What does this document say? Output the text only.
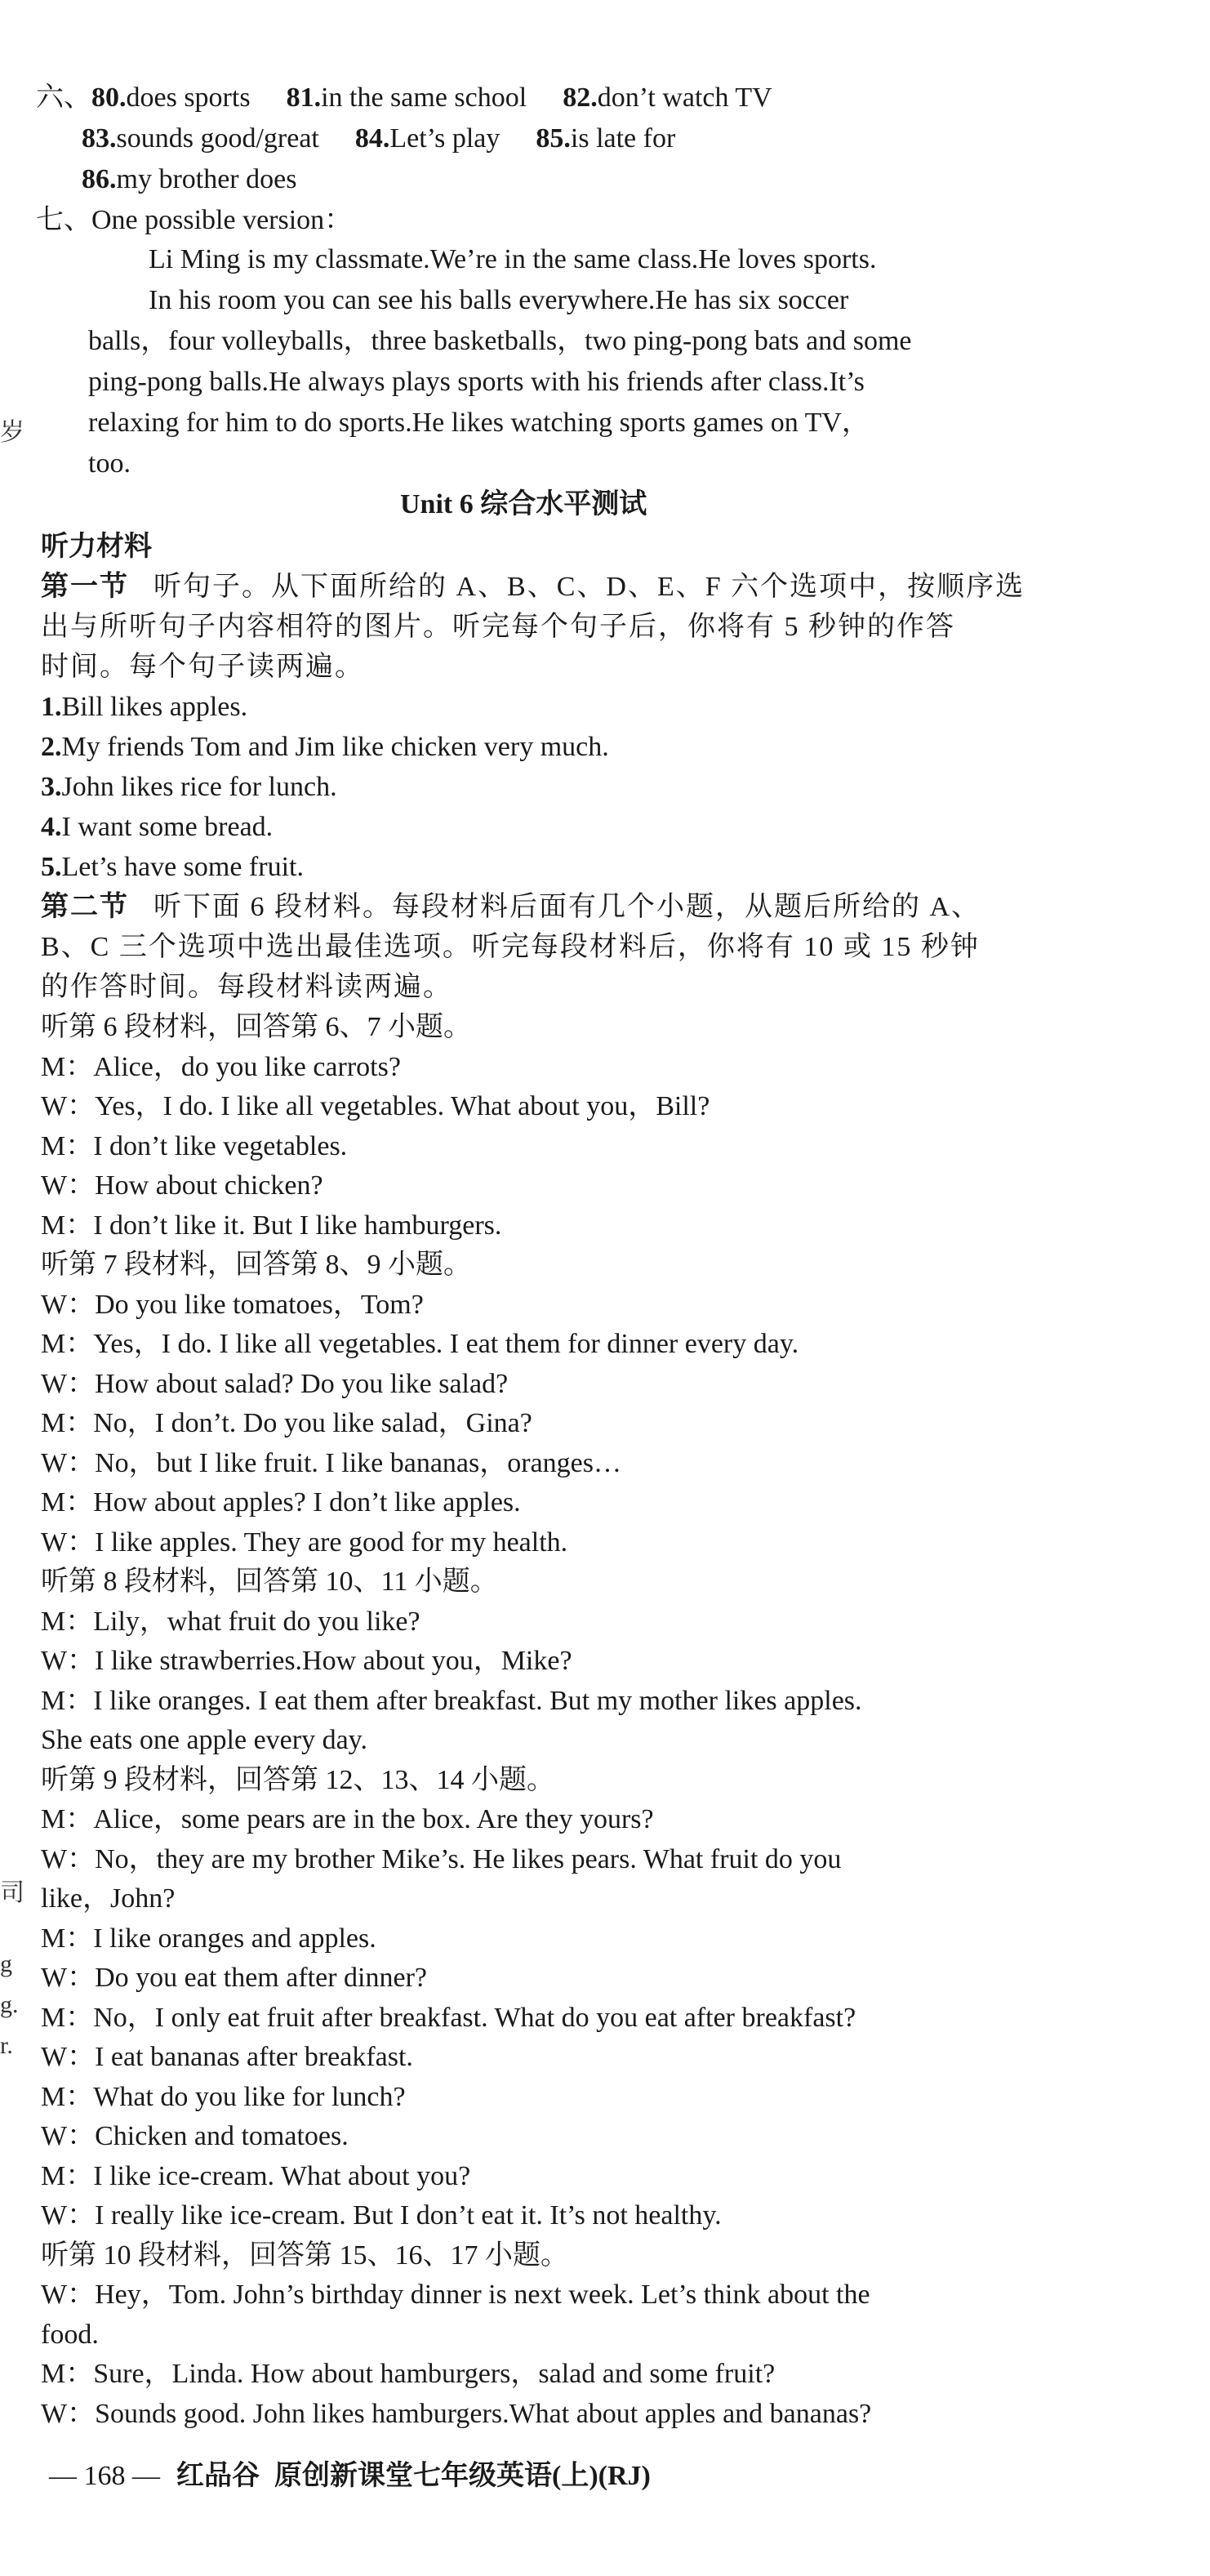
六、80.does sports 81.in the same school 82.don’t watch TV
83.sounds good/great 84.Let’s play 85.is late for
86.my brother does
七、One possible version：
Li Ming is my classmate.We’re in the same class.He loves sports.
In his room you can see his balls everywhere.He has six soccer
balls，four volleyballs，three basketballs，two ping-pong bats and some
ping-pong balls.He always plays sports with his friends after class.It’s
relaxing for him to do sports.He likes watching sports games on TV，
too.
Unit 6 综合水平测试
听力材料
第一节 听句子。从下面所给的 A、B、C、D、E、F 六个选项中，按顺序选
出与所听句子内容相符的图片。听完每个句子后，你将有 5 秒钟的作答
时间。每个句子读两遍。
1.Bill likes apples.
2.My friends Tom and Jim like chicken very much.
3.John likes rice for lunch.
4.I want some bread.
5.Let’s have some fruit.
第二节 听下面 6 段材料。每段材料后面有几个小题，从题后所给的 A、
B、C 三个选项中选出最佳选项。听完每段材料后，你将有 10 或 15 秒钟
的作答时间。每段材料读两遍。
听第 6 段材料，回答第 6、7 小题。
M：Alice，do you like carrots?
W：Yes，I do. I like all vegetables. What about you，Bill?
M：I don’t like vegetables.
W：How about chicken?
M：I don’t like it. But I like hamburgers.
听第 7 段材料，回答第 8、9 小题。
W：Do you like tomatoes，Tom?
M：Yes，I do. I like all vegetables. I eat them for dinner every day.
W：How about salad? Do you like salad?
M：No，I don’t. Do you like salad，Gina?
W：No，but I like fruit. I like bananas，oranges…
M：How about apples? I don’t like apples.
W：I like apples. They are good for my health.
听第 8 段材料，回答第 10、11 小题。
M：Lily，what fruit do you like?
W：I like strawberries.How about you，Mike?
M：I like oranges. I eat them after breakfast. But my mother likes apples.
She eats one apple every day.
听第 9 段材料，回答第 12、13、14 小题。
M：Alice，some pears are in the box. Are they yours?
W：No，they are my brother Mike’s. He likes pears. What fruit do you
like，John?
M：I like oranges and apples.
W：Do you eat them after dinner?
M：No，I only eat fruit after breakfast. What do you eat after breakfast?
W：I eat bananas after breakfast.
M：What do you like for lunch?
W：Chicken and tomatoes.
M：I like ice-cream. What about you?
W：I really like ice-cream. But I don’t eat it. It’s not healthy.
听第 10 段材料，回答第 15、16、17 小题。
W：Hey，Tom. John’s birthday dinner is next week. Let’s think about the
food.
M：Sure，Linda. How about hamburgers，salad and some fruit?
W：Sounds good. John likes hamburgers.What about apples and bananas?
岁
司
g
g.
r.
— 168 — 红品谷 原创新课堂七年级英语(上)(RJ)
